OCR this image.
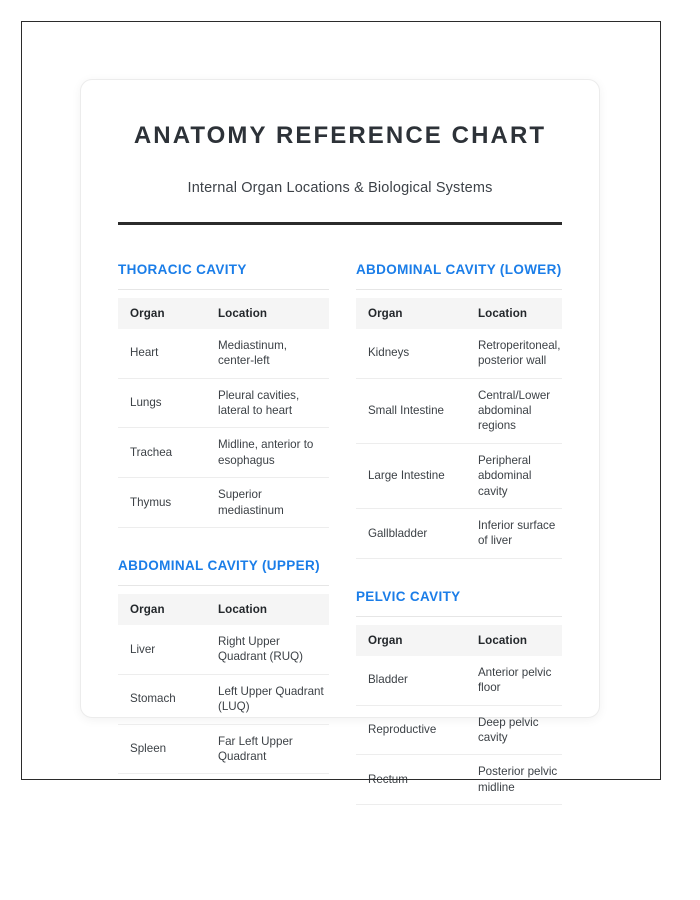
ANATOMY REFERENCE CHART

Internal Organ Locations & Biological Systems

THORACIC CAVITY
Organ	Location
Heart	Mediastinum, center-left
Lungs	Pleural cavities, lateral to heart
Trachea	Midline, anterior to esophagus
Thymus	Superior mediastinum
ABDOMINAL CAVITY (UPPER)
Organ	Location
Liver	Right Upper Quadrant (RUQ)
Stomach	Left Upper Quadrant (LUQ)
Spleen	Far Left Upper Quadrant
ABDOMINAL CAVITY (LOWER)
Organ	Location
Kidneys	Retroperitoneal, posterior wall
Small Intestine	Central/Lower abdominal regions
Large Intestine	Peripheral abdominal cavity
Gallbladder	Inferior surface of liver
PELVIC CAVITY
Organ	Location
Bladder	Anterior pelvic floor
Reproductive	Deep pelvic cavity
Rectum	Posterior pelvic midline
